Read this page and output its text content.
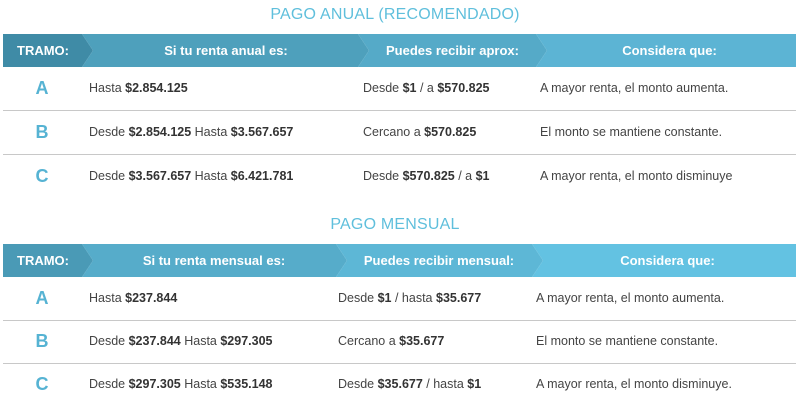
PAGO ANUAL (RECOMENDADO)
TRAMO:	Si tu renta anual es:	Puedes recibir aprox:	Considera que:
A	Hasta $2.854.125	Desde $1 / a $570.825	A mayor renta, el monto aumenta.
B	Desde $2.854.125 Hasta $3.567.657	Cercano a $570.825	El monto se mantiene constante.
C	Desde $3.567.657 Hasta $6.421.781	Desde $570.825 / a $1	A mayor renta, el monto disminuye
PAGO MENSUAL
TRAMO:	Si tu renta mensual es:	Puedes recibir mensual:	Considera que:
A	Hasta $237.844	Desde $1 / hasta $35.677	A mayor renta, el monto aumenta.
B	Desde $237.844 Hasta $297.305	Cercano a $35.677	El monto se mantiene constante.
C	Desde $297.305 Hasta $535.148	Desde $35.677 / hasta $1	A mayor renta, el monto disminuye.
